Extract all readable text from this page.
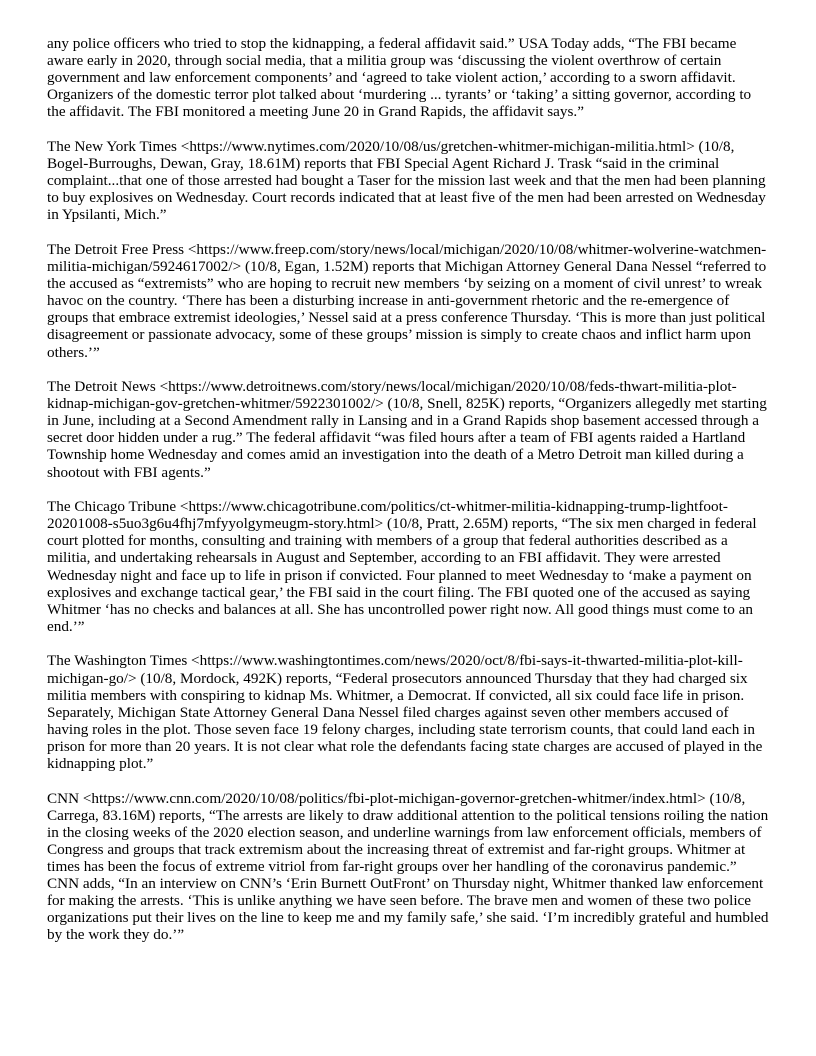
any police officers who tried to stop the kidnapping, a federal affidavit said.” USA Today adds, “The FBI became aware early in 2020, through social media, that a militia group was ‘discussing the violent overthrow of certain government and law enforcement components’ and ‘agreed to take violent action,’ according to a sworn affidavit. Organizers of the domestic terror plot talked about ‘murdering ... tyrants’ or ‘taking’ a sitting governor, according to the affidavit. The FBI monitored a meeting June 20 in Grand Rapids, the affidavit says.”

The New York Times <https://www.nytimes.com/2020/10/08/us/gretchen-whitmer-michigan-militia.html> (10/8, Bogel-Burroughs, Dewan, Gray, 18.61M) reports that FBI Special Agent Richard J. Trask “said in the criminal complaint...that one of those arrested had bought a Taser for the mission last week and that the men had been planning to buy explosives on Wednesday. Court records indicated that at least five of the men had been arrested on Wednesday in Ypsilanti, Mich.”

The Detroit Free Press <https://www.freep.com/story/news/local/michigan/2020/10/08/whitmer-wolverine-watchmen-militia-michigan/5924617002/> (10/8, Egan, 1.52M) reports that Michigan Attorney General Dana Nessel “referred to the accused as “extremists” who are hoping to recruit new members ‘by seizing on a moment of civil unrest’ to wreak havoc on the country. ‘There has been a disturbing increase in anti-government rhetoric and the re-emergence of groups that embrace extremist ideologies,’ Nessel said at a press conference Thursday. ‘This is more than just political disagreement or passionate advocacy, some of these groups’ mission is simply to create chaos and inflict harm upon others.’”

The Detroit News <https://www.detroitnews.com/story/news/local/michigan/2020/10/08/feds-thwart-militia-plot-kidnap-michigan-gov-gretchen-whitmer/5922301002/> (10/8, Snell, 825K) reports, “Organizers allegedly met starting in June, including at a Second Amendment rally in Lansing and in a Grand Rapids shop basement accessed through a secret door hidden under a rug.” The federal affidavit “was filed hours after a team of FBI agents raided a Hartland Township home Wednesday and comes amid an investigation into the death of a Metro Detroit man killed during a shootout with FBI agents.”

The Chicago Tribune <https://www.chicagotribune.com/politics/ct-whitmer-militia-kidnapping-trump-lightfoot-20201008-s5uo3g6u4fhj7mfyyolgymeugm-story.html> (10/8, Pratt, 2.65M) reports, “The six men charged in federal court plotted for months, consulting and training with members of a group that federal authorities described as a militia, and undertaking rehearsals in August and September, according to an FBI affidavit. They were arrested Wednesday night and face up to life in prison if convicted. Four planned to meet Wednesday to ‘make a payment on explosives and exchange tactical gear,’ the FBI said in the court filing. The FBI quoted one of the accused as saying Whitmer ‘has no checks and balances at all. She has uncontrolled power right now. All good things must come to an end.’”

The Washington Times <https://www.washingtontimes.com/news/2020/oct/8/fbi-says-it-thwarted-militia-plot-kill-michigan-go/> (10/8, Mordock, 492K) reports, “Federal prosecutors announced Thursday that they had charged six militia members with conspiring to kidnap Ms. Whitmer, a Democrat. If convicted, all six could face life in prison. Separately, Michigan State Attorney General Dana Nessel filed charges against seven other members accused of having roles in the plot. Those seven face 19 felony charges, including state terrorism counts, that could land each in prison for more than 20 years. It is not clear what role the defendants facing state charges are accused of played in the kidnapping plot.”

CNN <https://www.cnn.com/2020/10/08/politics/fbi-plot-michigan-governor-gretchen-whitmer/index.html> (10/8, Carrega, 83.16M) reports, “The arrests are likely to draw additional attention to the political tensions roiling the nation in the closing weeks of the 2020 election season, and underline warnings from law enforcement officials, members of Congress and groups that track extremism about the increasing threat of extremist and far-right groups. Whitmer at times has been the focus of extreme vitriol from far-right groups over her handling of the coronavirus pandemic.” CNN adds, “In an interview on CNN’s ‘Erin Burnett OutFront’ on Thursday night, Whitmer thanked law enforcement for making the arrests. ‘This is unlike anything we have seen before. The brave men and women of these two police organizations put their lives on the line to keep me and my family safe,’ she said. ‘I’m incredibly grateful and humbled by the work they do.’”
